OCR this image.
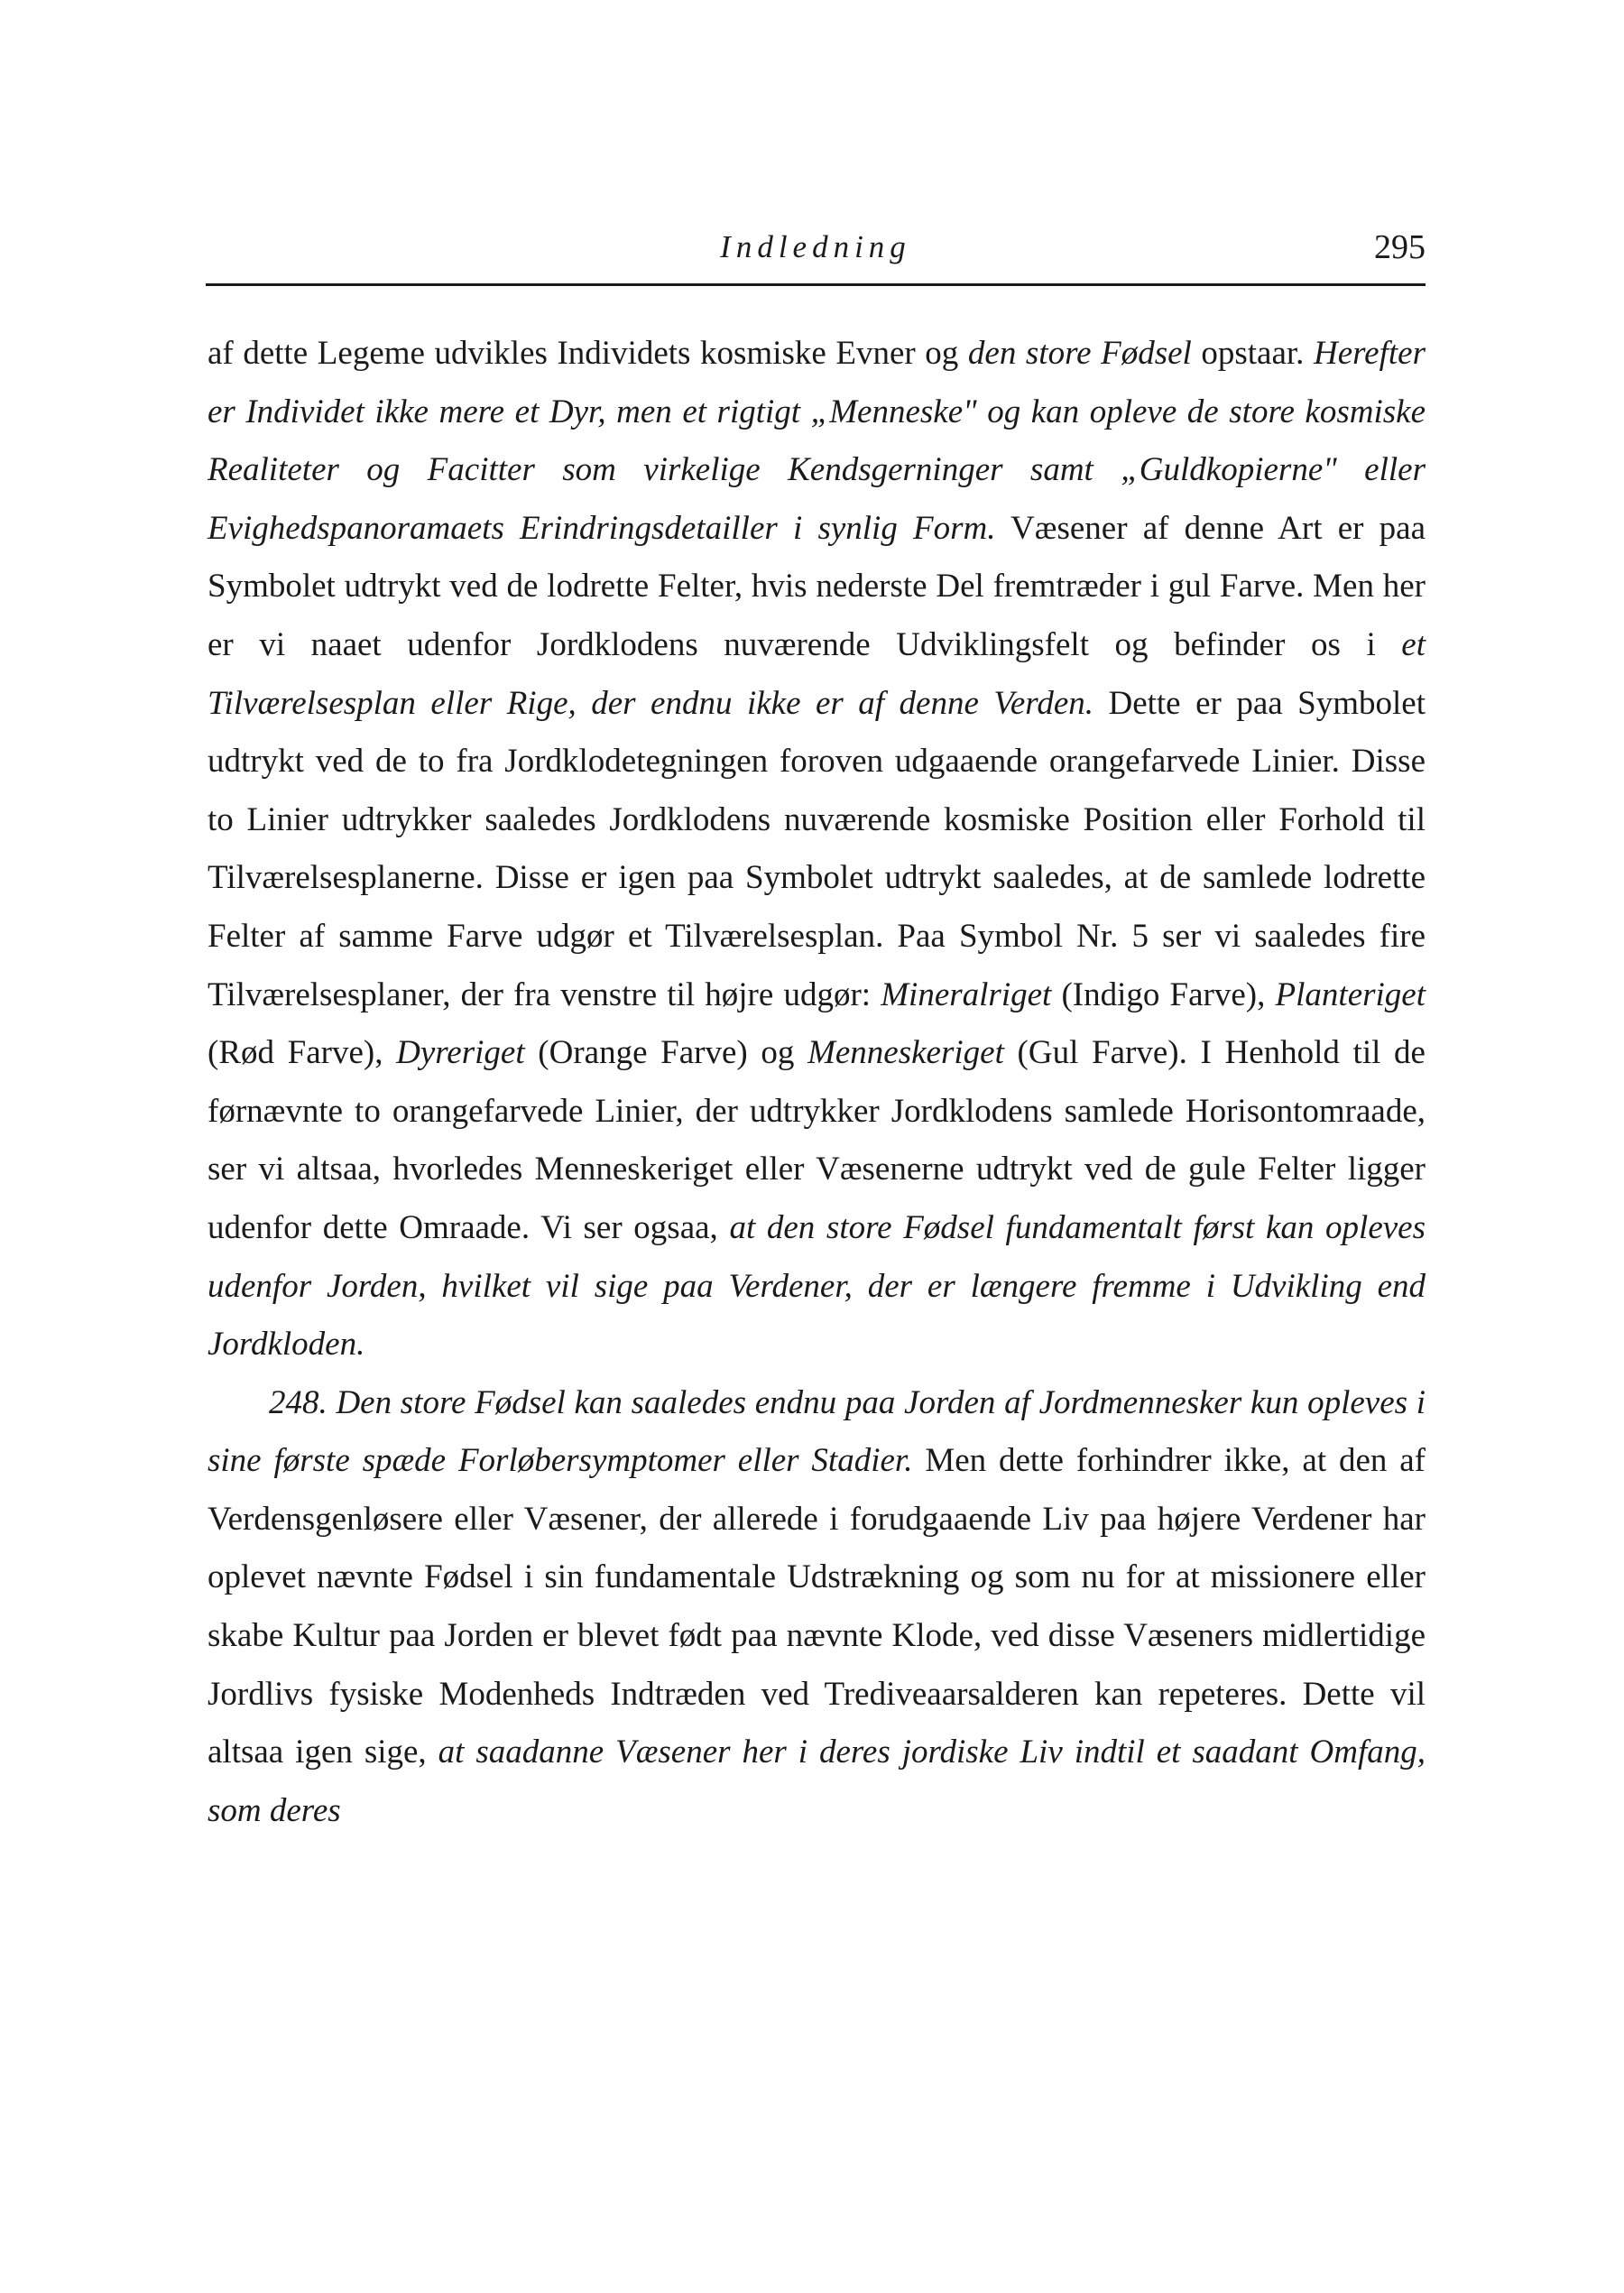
Indledning	295

af dette Legeme udvikles Individets kosmiske Evner og den store Fødsel opstaar. Herefter er Individet ikke mere et Dyr, men et rigtigt „Menneske" og kan opleve de store kosmiske Realiteter og Facitter som virkelige Kendsgerninger samt „Guldkopierne" eller Evighedspanoramaets Erindringsdetailler i synlig Form. Væsener af denne Art er paa Symbolet udtrykt ved de lodrette Felter, hvis nederste Del fremtræder i gul Farve. Men her er vi naaet udenfor Jordklodens nuværende Udviklingsfelt og befinder os i et Tilværelsesplan eller Rige, der endnu ikke er af denne Verden. Dette er paa Symbolet udtrykt ved de to fra Jordklodetegningen foroven udgaaende orangefarvede Linier. Disse to Linier udtrykker saaledes Jordklodens nuværende kosmiske Position eller Forhold til Tilværelsesplanerne. Disse er igen paa Symbolet udtrykt saaledes, at de samlede lodrette Felter af samme Farve udgør et Tilværelsesplan. Paa Symbol Nr. 5 ser vi saaledes fire Tilværelsesplaner, der fra venstre til højre udgør: Mineralriget (Indigo Farve), Planteriget (Rød Farve), Dyreriget (Orange Farve) og Menneskeriget (Gul Farve). I Henhold til de førnævnte to orangefarvede Linier, der udtrykker Jordklodens samlede Horisontomraade, ser vi altsaa, hvorledes Menneskeriget eller Væsenerne udtrykt ved de gule Felter ligger udenfor dette Omraade. Vi ser ogsaa, at den store Fødsel fundamentalt først kan opleves udenfor Jorden, hvilket vil sige paa Verdener, der er længere fremme i Udvikling end Jordkloden.

248. Den store Fødsel kan saaledes endnu paa Jorden af Jordmennesker kun opleves i sine første spæde Forløbersymptomer eller Stadier. Men dette forhindrer ikke, at den af Verdensgenløsere eller Væsener, der allerede i forudgaaende Liv paa højere Verdener har oplevet nævnte Fødsel i sin fundamentale Udstrækning og som nu for at missionere eller skabe Kultur paa Jorden er blevet født paa nævnte Klode, ved disse Væseners midlertidige Jordlivs fysiske Modenheds Indtræden ved Trediveaarsalderen kan repeteres. Dette vil altsaa igen sige, at saadanne Væsener her i deres jordiske Liv indtil et saadant Omfang, som deres
